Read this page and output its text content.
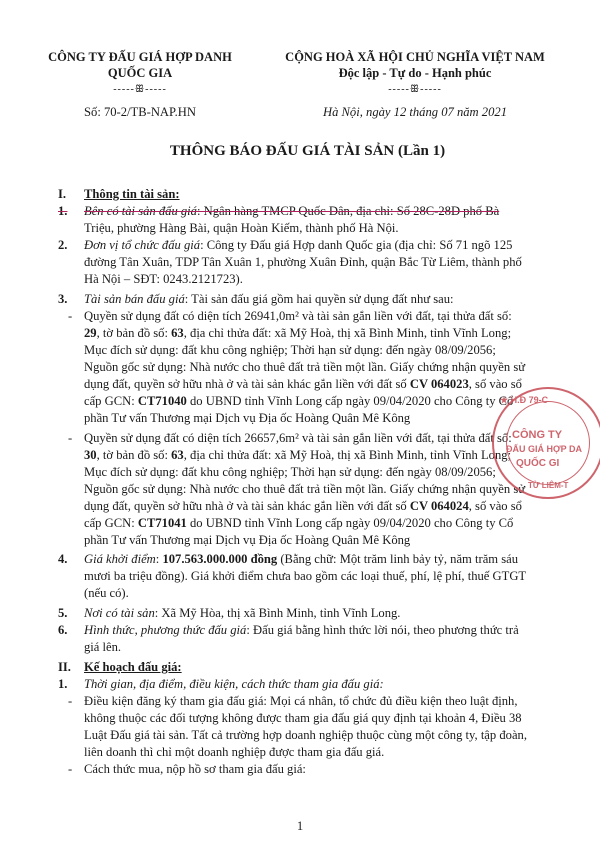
CÔNG TY ĐẤU GIÁ HỢP DANH
QUỐC GIA
-----ꕥ-----
Số: 70-2/TB-NAP.HN
CỘNG HOÀ XÃ HỘI CHỦ NGHĨA VIỆT NAM
Độc lập - Tự do - Hạnh phúc
-----ꕥ-----
Hà Nội, ngày 12 tháng 07 năm 2021
THÔNG BÁO ĐẤU GIÁ TÀI SẢN (Lần 1)
I. Thông tin tài sản:
1. Bên có tài sản đấu giá: Ngân hàng TMCP Quốc Dân, địa chỉ: Số 28C-28D phố Bà
Triệu, phường Hàng Bài, quận Hoàn Kiếm, thành phố Hà Nội.
2. Đơn vị tổ chức đấu giá: Công ty Đấu giá Hợp danh Quốc gia (địa chỉ: Số 71 ngõ 125
đường Tân Xuân, TDP Tân Xuân 1, phường Xuân Đỉnh, quận Bắc Từ Liêm, thành phố
Hà Nội – SĐT: 0243.2121723).
3. Tài sản bán đấu giá: Tài sản đấu giá gồm hai quyền sử dụng đất như sau:
- Quyền sử dụng đất có diện tích 26941,0m² và tài sản gắn liền với đất, tại thửa đất số:
29, tờ bản đồ số: 63, địa chỉ thửa đất: xã Mỹ Hoà, thị xã Bình Minh, tỉnh Vĩnh Long;
Mục đích sử dụng: đất khu công nghiệp; Thời hạn sử dụng: đến ngày 08/09/2056;
Nguồn gốc sử dụng: Nhà nước cho thuê đất trả tiền một lần. Giấy chứng nhận quyền sử
dụng đất, quyền sở hữu nhà ở và tài sản khác gắn liền với đất số CV 064023, số vào sổ
cấp GCN: CT71040 do UBND tỉnh Vĩnh Long cấp ngày 09/04/2020 cho Công ty Cổ
phần Tư vấn Thương mại Dịch vụ Địa ốc Hoàng Quân Mê Kông
- Quyền sử dụng đất có diện tích 26657,6m² và tài sản gắn liền với đất, tại thửa đất số:
30, tờ bản đồ số: 63, địa chỉ thửa đất: xã Mỹ Hoà, thị xã Bình Minh, tỉnh Vĩnh Long;
Mục đích sử dụng: đất khu công nghiệp; Thời hạn sử dụng: đến ngày 08/09/2056;
Nguồn gốc sử dụng: Nhà nước cho thuê đất trả tiền một lần. Giấy chứng nhận quyền sử
dụng đất, quyền sở hữu nhà ở và tài sản khác gắn liền với đất số CV 064024, số vào sổ
cấp GCN: CT71041 do UBND tỉnh Vĩnh Long cấp ngày 09/04/2020 cho Công ty Cổ
phần Tư vấn Thương mại Dịch vụ Địa ốc Hoàng Quân Mê Kông
4. Giá khởi điểm: 107.563.000.000 đồng (Bằng chữ: Một trăm linh bảy tỷ, năm trăm sáu
mươi ba triệu đồng). Giá khởi điểm chưa bao gồm các loại thuế, phí, lệ phí, thuế GTGT
(nếu có).
5. Nơi có tài sản: Xã Mỹ Hòa, thị xã Bình Minh, tỉnh Vĩnh Long.
6. Hình thức, phương thức đấu giá: Đấu giá bằng hình thức lời nói, theo phương thức trả
giá lên.
II. Kế hoạch đấu giá:
1. Thời gian, địa điểm, điều kiện, cách thức tham gia đấu giá:
- Điều kiện đăng ký tham gia đấu giá: Mọi cá nhân, tổ chức đủ điều kiện theo luật định,
không thuộc các đối tượng không được tham gia đấu giá quy định tại khoản 4, Điều 38
Luật Đấu giá tài sản. Tất cả trường hợp doanh nghiệp thuộc cùng một công ty, tập đoàn,
liên doanh thì chỉ một doanh nghiệp được tham gia đấu giá.
- Cách thức mua, nộp hồ sơ tham gia đấu giá:
1
★ H.Đ 79-C
CÔNG TY
ĐẤU GIÁ HỢP DA
QUỐC GI
TỪ LIÊM-T
